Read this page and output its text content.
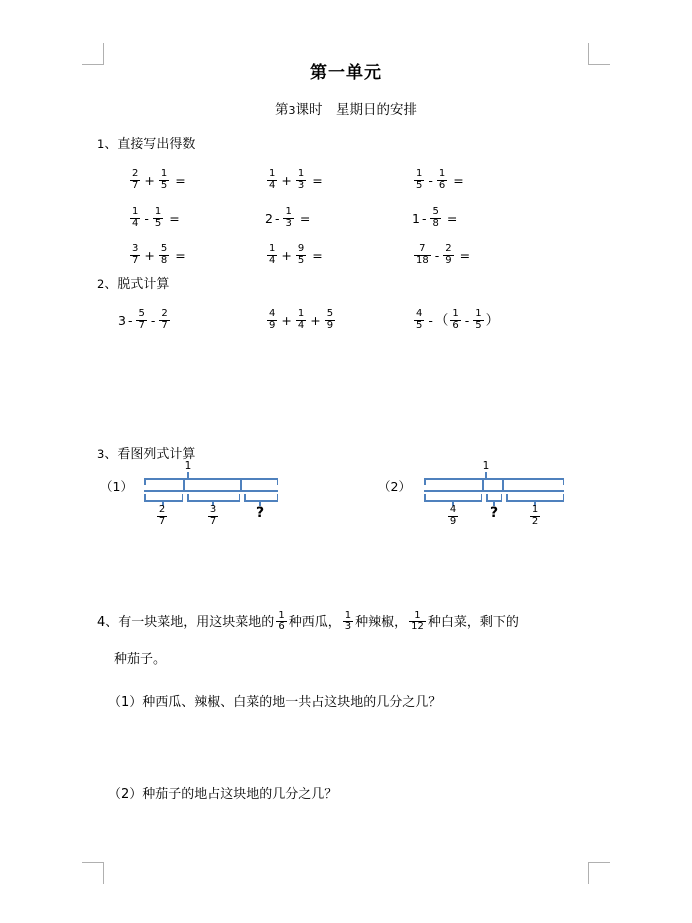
第一单元
第3课时　 星期日的安排
1、直接写出得数
$\frac{2}{7} + \frac{1}{5}$ =	$\frac{1}{4} + \frac{1}{3}$ =	$\frac{1}{5} - \frac{1}{6}$ =
$\frac{1}{4} - \frac{1}{5}$ =	$2 - \frac{1}{3}$ =	$1 - \frac{5}{8}$ =
$\frac{3}{7} + \frac{5}{8}$ =	$\frac{1}{4} + \frac{9}{5}$ =	$\frac{7}{18} - \frac{2}{9}$ =
2、脱式计算
$3 - \frac{5}{7} - \frac{2}{7}$	$\frac{4}{9} + \frac{1}{4} + \frac{5}{9}$	$\frac{4}{5}$ - （ $\frac{1}{6} - \frac{1}{5}$ ）
3、看图列式计算
（1）
1
$\frac{2}{7}$	$\frac{3}{7}$	?
（2）
1
$\frac{4}{9}$	?	$\frac{1}{2}$
4、有一块菜地，用这块菜地的 $\frac{1}{6}$ 种西瓜， $\frac{1}{3}$ 种辣椒， $\frac{1}{12}$ 种白菜，剩下的
种茄子。
（1）种西瓜、辣椒、白菜的地一共占这块地的几分之几？
（2）种茄子的地占这块地的几分之几？
